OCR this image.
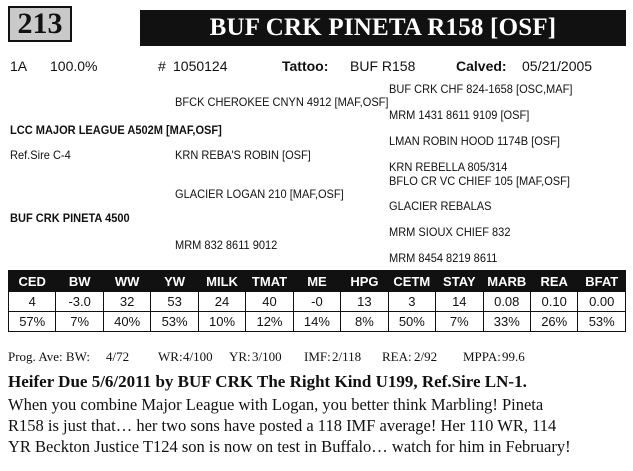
213	BUF CRK PINETA R158 [OSF]
1A 100.0%	# 1050124	Tattoo: BUF R158	Calved: 05/21/2005
BUF CRK CHF 824-1658 [OSC,MAF]
BFCK CHEROKEE CNYN 4912 [MAF,OSF]
MRM 1431 8611 9109 [OSF]
LCC MAJOR LEAGUE A502M [MAF,OSF]
LMAN ROBIN HOOD 1174B [OSF]
Ref.Sire C-4	KRN REBA'S ROBIN [OSF]
KRN REBELLA 805/314
BFLO CR VC CHIEF 105 [MAF,OSF]
GLACIER LOGAN 210 [MAF,OSF]
GLACIER REBALAS
BUF CRK PINETA 4500
MRM SIOUX CHIEF 832
MRM 832 8611 9012
MRM 8454 8219 8611
CED	BW	WW	YW	MILK	TMAT	ME	HPG	CETM	STAY	MARB	REA	BFAT
4	-3.0	32	53	24	40	-0	13	3	14	0.08	0.10	0.00
57%	7%	40%	53%	10%	12%	14%	8%	50%	7%	33%	26%	53%
Prog. Ave: BW: 4/72 WR: 4/100 YR: 3/100 IMF: 2/118 REA: 2/92 MPPA: 99.6
Heifer Due 5/6/2011 by BUF CRK The Right Kind U199, Ref.Sire LN-1.
When you combine Major League with Logan, you better think Marbling! Pineta
R158 is just that… her two sons have posted a 118 IMF average! Her 110 WR, 114
YR Beckton Justice T124 son is now on test in Buffalo… watch for him in February!
